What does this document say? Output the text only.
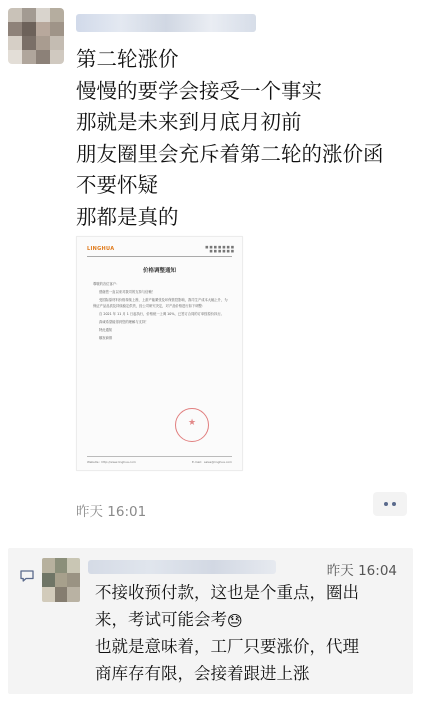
第二轮涨价
慢慢的要学会接受一个事实
那就是未来到月底月初前
朋友圈里会充斥着第二轮的涨价函
不要怀疑
那都是真的
LINGHUA	■ ■ ■ ■ ■ ■ ■
■ ■ ■ ■ ■ ■
价格调整通知
尊敬的各位客户：

感谢您一直以来对我司的支持与信赖！

受国际原材料价格持续上涨、上游产能紧张及环保管控影响，我司生产成本大幅上升，为保证产品品质及持续稳定供货，经公司研究决定，对产品价格进行如下调整：

自 2021 年 11 月 1 日起执行，价格统一上调 10%，已签订合同的订单按原价执行。

真诚希望能得到您的理解与支持！

特此通知

顺祝商祺

★
Website：http://www.linghua.com	E-mail：sales@linghua.com
昨天 16:01
昨天 16:04
不接收预付款，这也是个重点，圈出
来，考试可能会考😓
也就是意味着，工厂只要涨价，代理
商库存有限，会接着跟进上涨
